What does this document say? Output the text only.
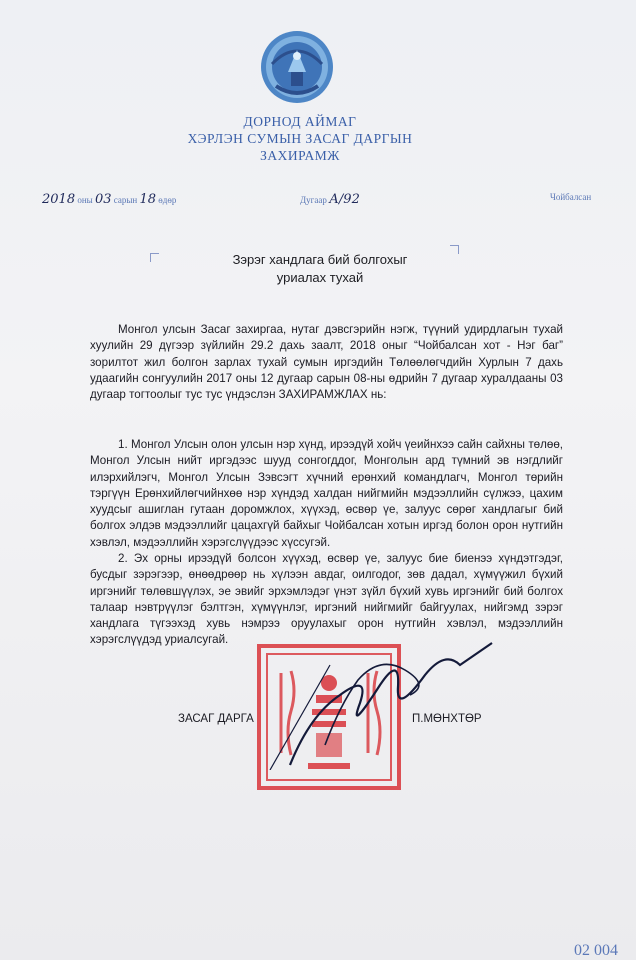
ДОРНОД АЙМАГ
ХЭРЛЭН СУМЫН ЗАСАГ ДАРГЫН
ЗАХИРАМЖ
2018 оны 03 сарын 18 өдөр	Дугаар А/92	Чойбалсан
Зэрэг хандлага бий болгохыг
уриалах тухай
Монгол улсын Засаг захиргаа, нутаг дэвсгэрийн нэгж, түүний удирдлагын тухай хуулийн 29 дүгээр зүйлийн 29.2 дахь заалт, 2018 оныг “Чойбалсан хот - Нэг баг” зорилтот жил болгон зарлах тухай сумын иргэдийн Төлөөлөгчдийн Хурлын 7 дахь удаагийн сонгуулийн 2017 оны 12 дугаар сарын 08-ны өдрийн 7 дугаар хуралдааны 03 дугаар тогтоолыг тус тус үндэслэн ЗАХИРАМЖЛАХ нь:
1. Монгол Улсын олон улсын нэр хүнд, ирээдүй хойч үеийнхээ сайн сайхны төлөө, Монгол Улсын нийт иргэдээс шууд сонгогддог, Монголын ард түмний эв нэгдлийг илэрхийлэгч, Монгол Улсын Зэвсэгт хүчний ерөнхий командлагч, Монгол төрийн тэргүүн Ерөнхийлөгчийнхөө нэр хүндэд халдан нийгмийн мэдээллийн сүлжээ, цахим хуудсыг ашиглан гутаан доромжлох, хүүхэд, өсвөр үе, залуус сөрөг хандлагыг бий болгох элдэв мэдээллийг цацахгүй байхыг Чойбалсан хотын иргэд болон орон нутгийн хэвлэл, мэдээллийн хэрэгслүүдээс хүссугэй.
2. Эх орны ирээдүй болсон хүүхэд, өсвөр үе, залуус бие биенээ хүндэтгэдэг, бусдыг зэрэгээр, өнөөдрөөр нь хүлээн авдаг, оилгодог, зөв дадал, хүмүүжил бүхий иргэнийг төлөвшүүлэх, эе эвийг эрхэмлэдэг үнэт зүйл бүхий хувь иргэнийг бий болгох талаар нэвтрүүлэг бэлтгэн, хүмүүнлэг, иргэний нийгмийг байгуулах, нийгэмд зэрэг хандлага түгээхэд хувь нэмрээ оруулахыг орон нутгийн хэвлэл, мэдээллийн хэрэгслүүдэд уриалсугай.
ЗАСАГ ДАРГА	П.МӨНХТӨР
02 004
